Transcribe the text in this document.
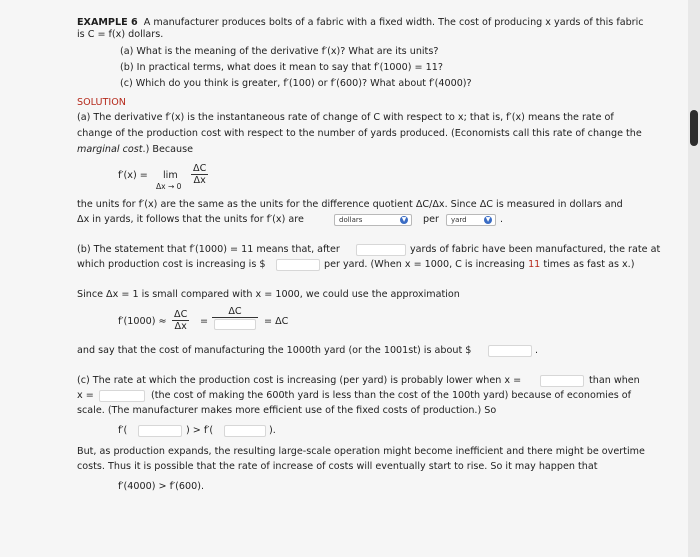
EXAMPLE 6 A manufacturer produces bolts of a fabric with a fixed width. The cost of producing x yards of this fabric
is C = f(x) dollars.
(a) What is the meaning of the derivative f′(x)? What are its units?
(b) In practical terms, what does it mean to say that f′(1000) = 11?
(c) Which do you think is greater, f′(100) or f′(600)? What about f′(4000)?
SOLUTION
(a) The derivative f′(x) is the instantaneous rate of change of C with respect to x; that is, f′(x) means the rate of
change of the production cost with respect to the number of yards produced. (Economists call this rate of change the
marginal cost.) Because
f′(x) = lim
Δx → 0
$\frac{\Delta C}{\Delta x}$
the units for f′(x) are the same as the units for the difference quotient ΔC/Δx. Since ΔC is measured in dollars and
Δx in yards, it follows that the units for f′(x) are	dollars	▼ per	yard	▼ .
(b) The statement that f′(1000) = 11 means that, after	yards of fabric have been manufactured, the rate at
which production cost is increasing is $	per yard. (When x = 1000, C is increasing 11 times as fast as x.)
Since Δx = 1 is small compared with x = 1000, we could use the approximation
$f'(1000) \approx \frac{\Delta C}{\Delta x}$ =
ΔC

= ΔC
and say that the cost of manufacturing the 1000th yard (or the 1001st) is about $	.
(c) The rate at which the production cost is increasing (per yard) is probably lower when x =	than when
x =	(the cost of making the 600th yard is less than the cost of the 100th yard) because of economies of
scale. (The manufacturer makes more efficient use of the fixed costs of production.) So
f′(	) > f′(	).
But, as production expands, the resulting large-scale operation might become inefficient and there might be overtime
costs. Thus it is possible that the rate of increase of costs will eventually start to rise. So it may happen that
f′(4000) > f′(600).
